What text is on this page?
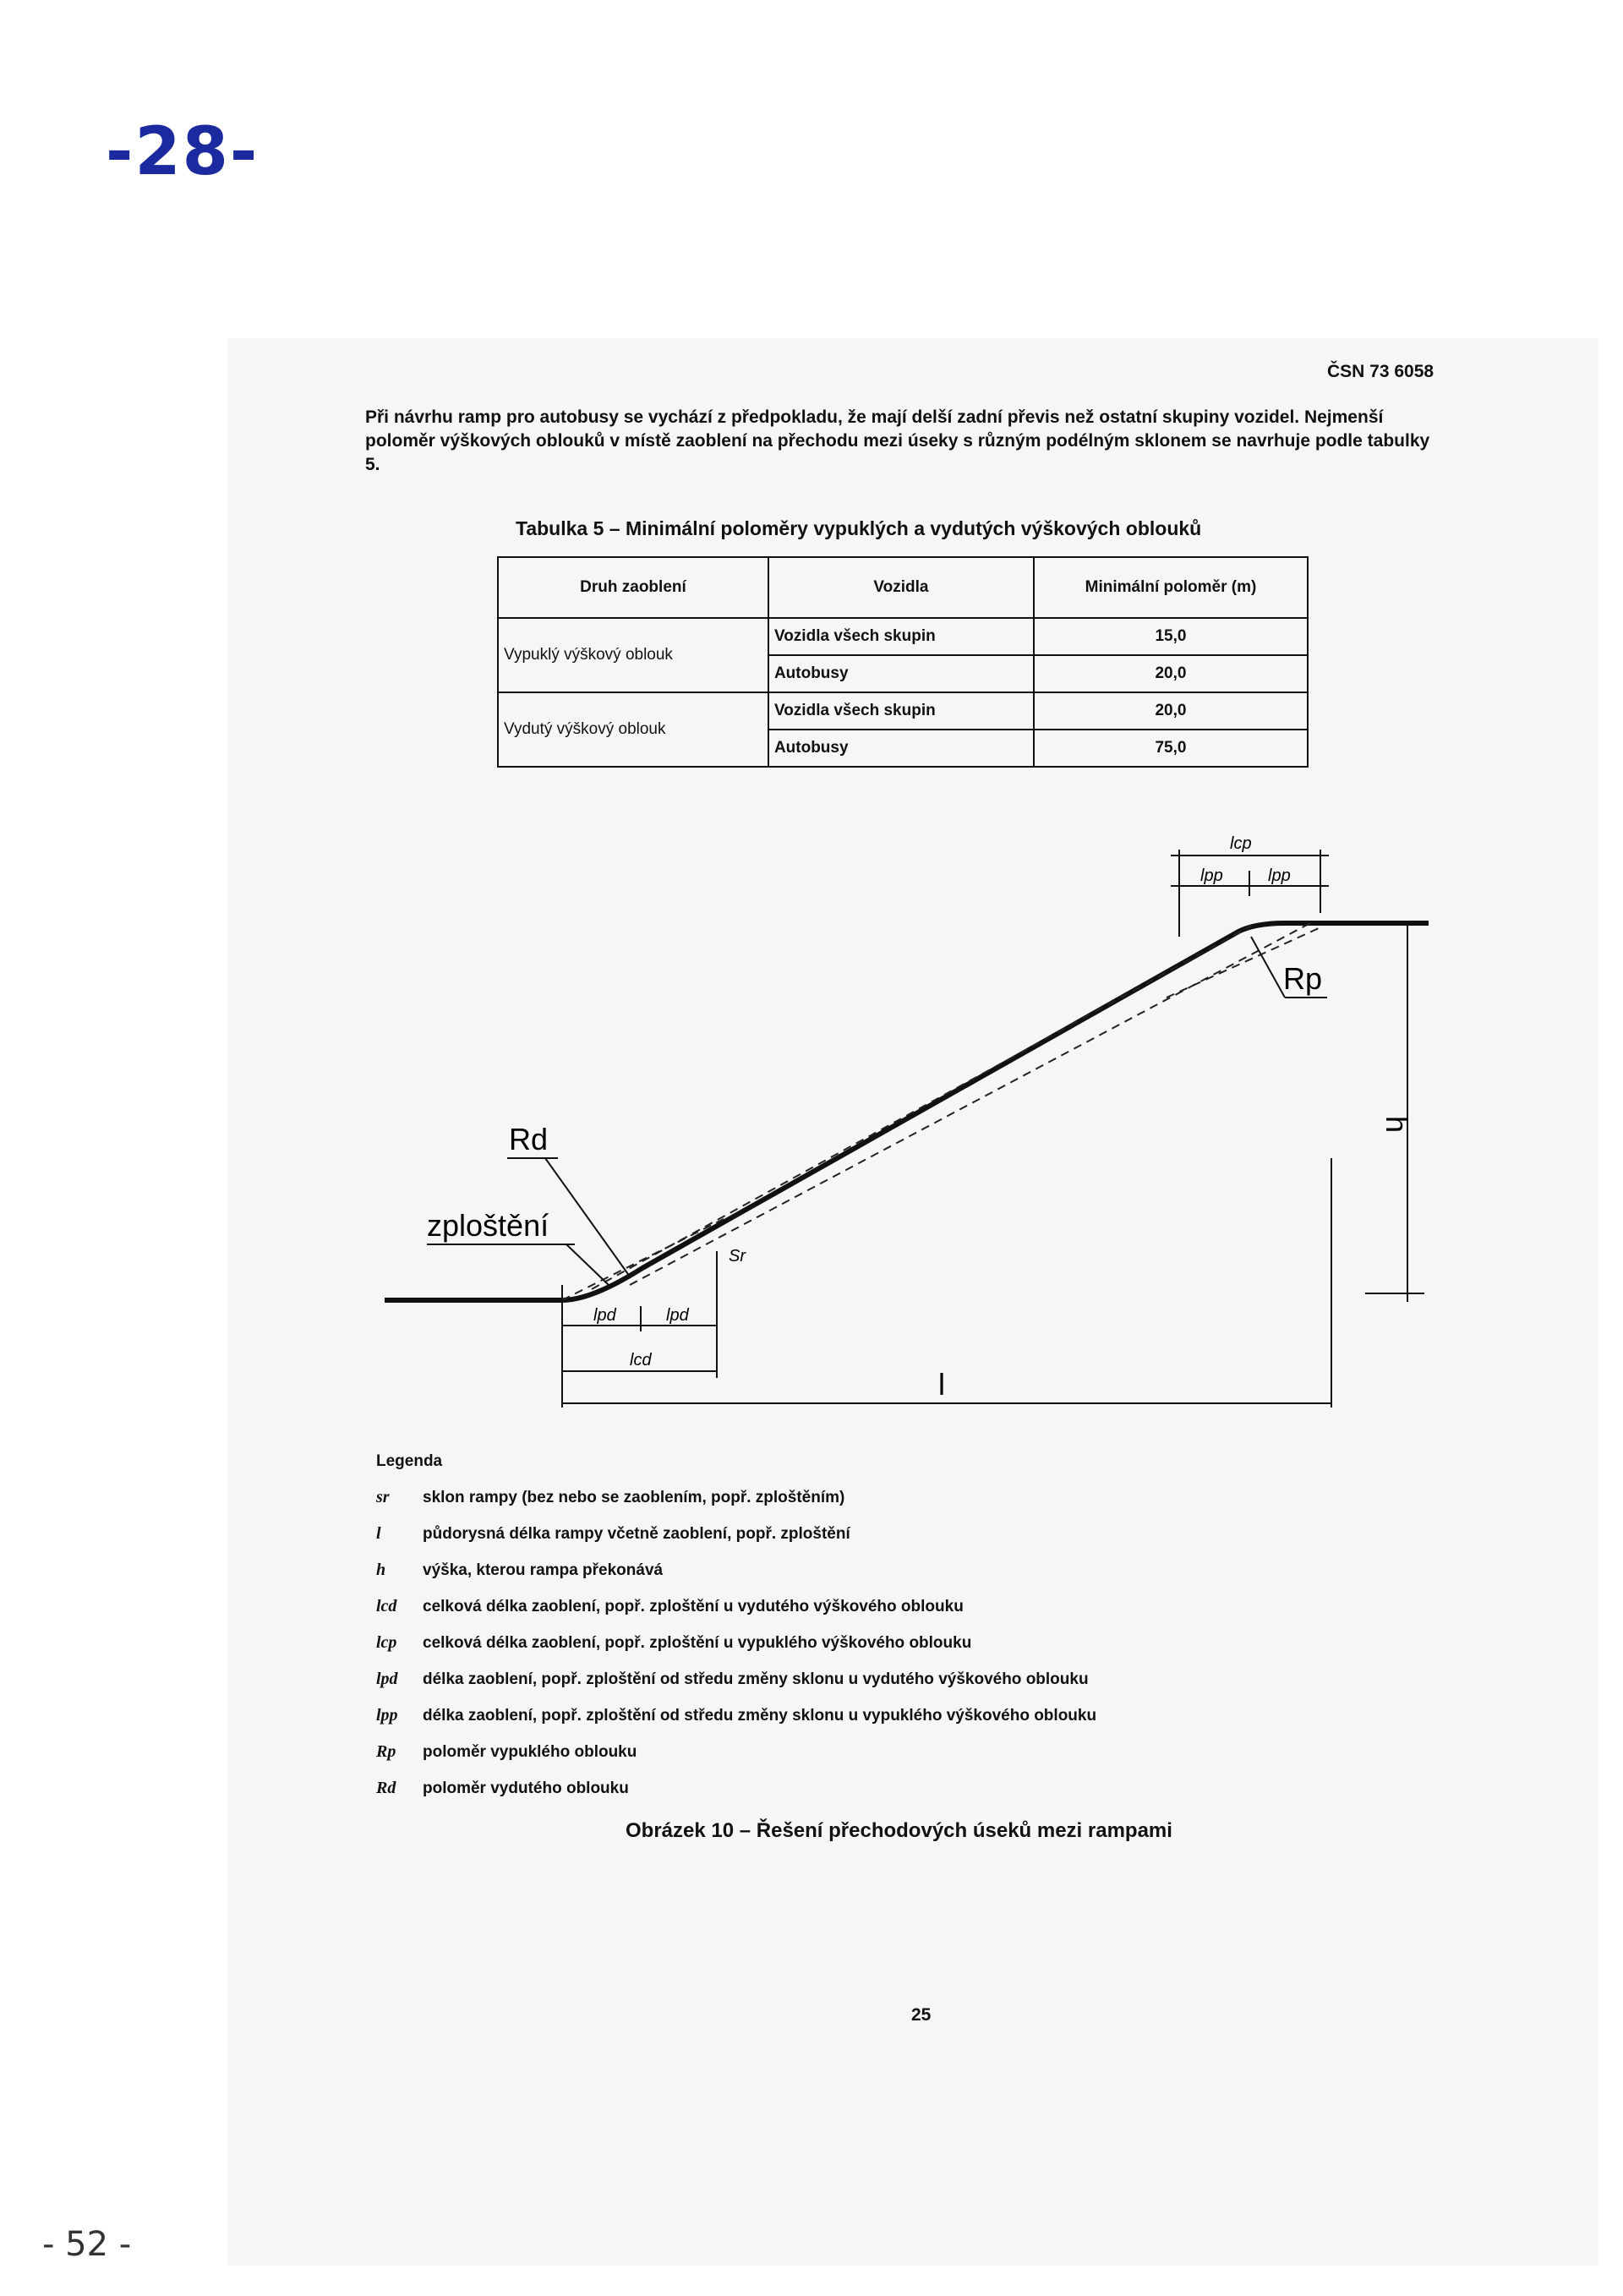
-28-
- 52 -
ČSN 73 6058

Při návrhu ramp pro autobusy se vychází z předpokladu, že mají delší zadní převis než ostatní skupiny vozidel. Nejmenší poloměr výškových oblouků v místě zaoblení na přechodu mezi úseky s různým podélným sklonem se navrhuje podle tabulky 5.

Tabulka 5 – Minimální poloměry vypuklých a vydutých výškových oblouků
Druh zaoblení	Vozidla	Minimální poloměr (m)
Vypuklý výškový oblouk	Vozidla všech skupin	15,0
	Autobusy	20,0
Vydutý výškový oblouk	Vozidla všech skupin	20,0
	Autobusy	75,0
Rd
zploštění
Rp
h
l
Sr
lpd	lpd
lcd
lcp
lpp	lpp
Legenda
sr	sklon rampy (bez nebo se zaoblením, popř. zploštěním)
l	půdorysná délka rampy včetně zaoblení, popř. zploštění
h	výška, kterou rampa překonává
lcd	celková délka zaoblení, popř. zploštění u vydutého výškového oblouku
lcp	celková délka zaoblení, popř. zploštění u vypuklého výškového oblouku
lpd	délka zaoblení, popř. zploštění od středu změny sklonu u vydutého výškového oblouku
lpp	délka zaoblení, popř. zploštění od středu změny sklonu u vypuklého výškového oblouku
Rp	poloměr vypuklého oblouku
Rd	poloměr vydutého oblouku
Obrázek 10 – Řešení přechodových úseků mezi rampami
25
